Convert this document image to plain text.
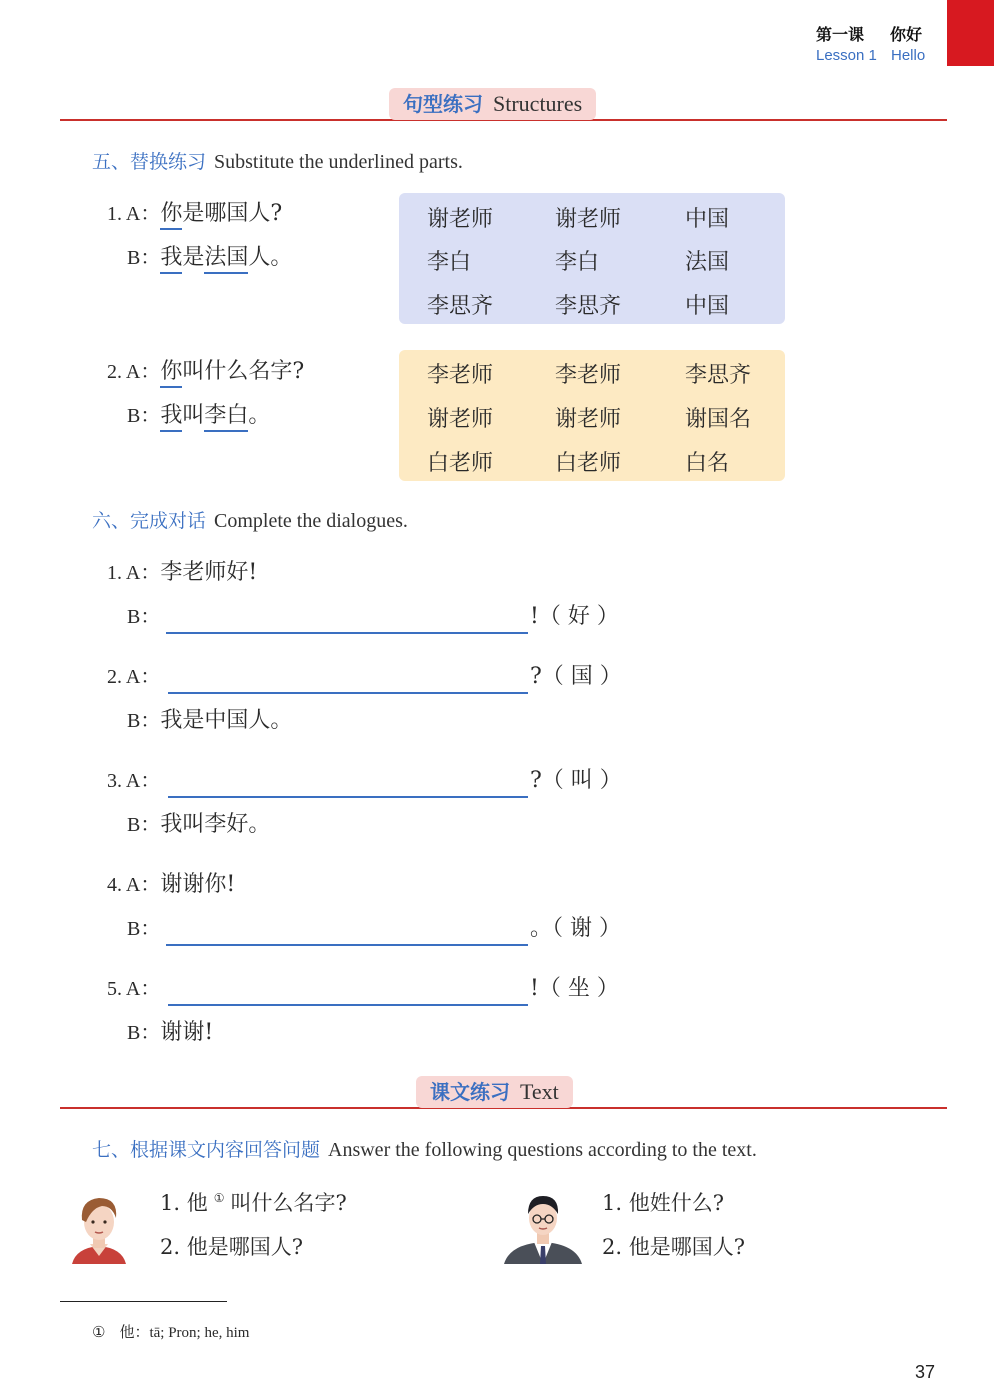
第一课 你好
Lesson 1 Hello
句型练习 Structures
五、替换练习 Substitute the underlined parts.
1. A：你是哪国人?
B：我是法国人。
谢老师	谢老师	中国
李白	李白	法国
李思齐	李思齐	中国
2. A：你叫什么名字?
B：我叫李白。
李老师	李老师	李思齐
谢老师	谢老师	谢国名
白老师	白老师	白名
六、完成对话 Complete the dialogues.
1. A：李老师好!
B：	!（ 好 ）
2. A：	?（ 国 ）
B：我是中国人。
3. A：	?（ 叫 ）
B：我叫李好。
4. A：谢谢你!
B：	。（ 谢 ）
5. A：	!（ 坐 ）
B：谢谢!
课文练习 Text
七、根据课文内容回答问题 Answer the following questions according to the text.
1. 他 ① 叫什么名字?
2. 他是哪国人?
1. 他姓什么?
2. 他是哪国人?
① 他：tā; Pron; he, him
37
